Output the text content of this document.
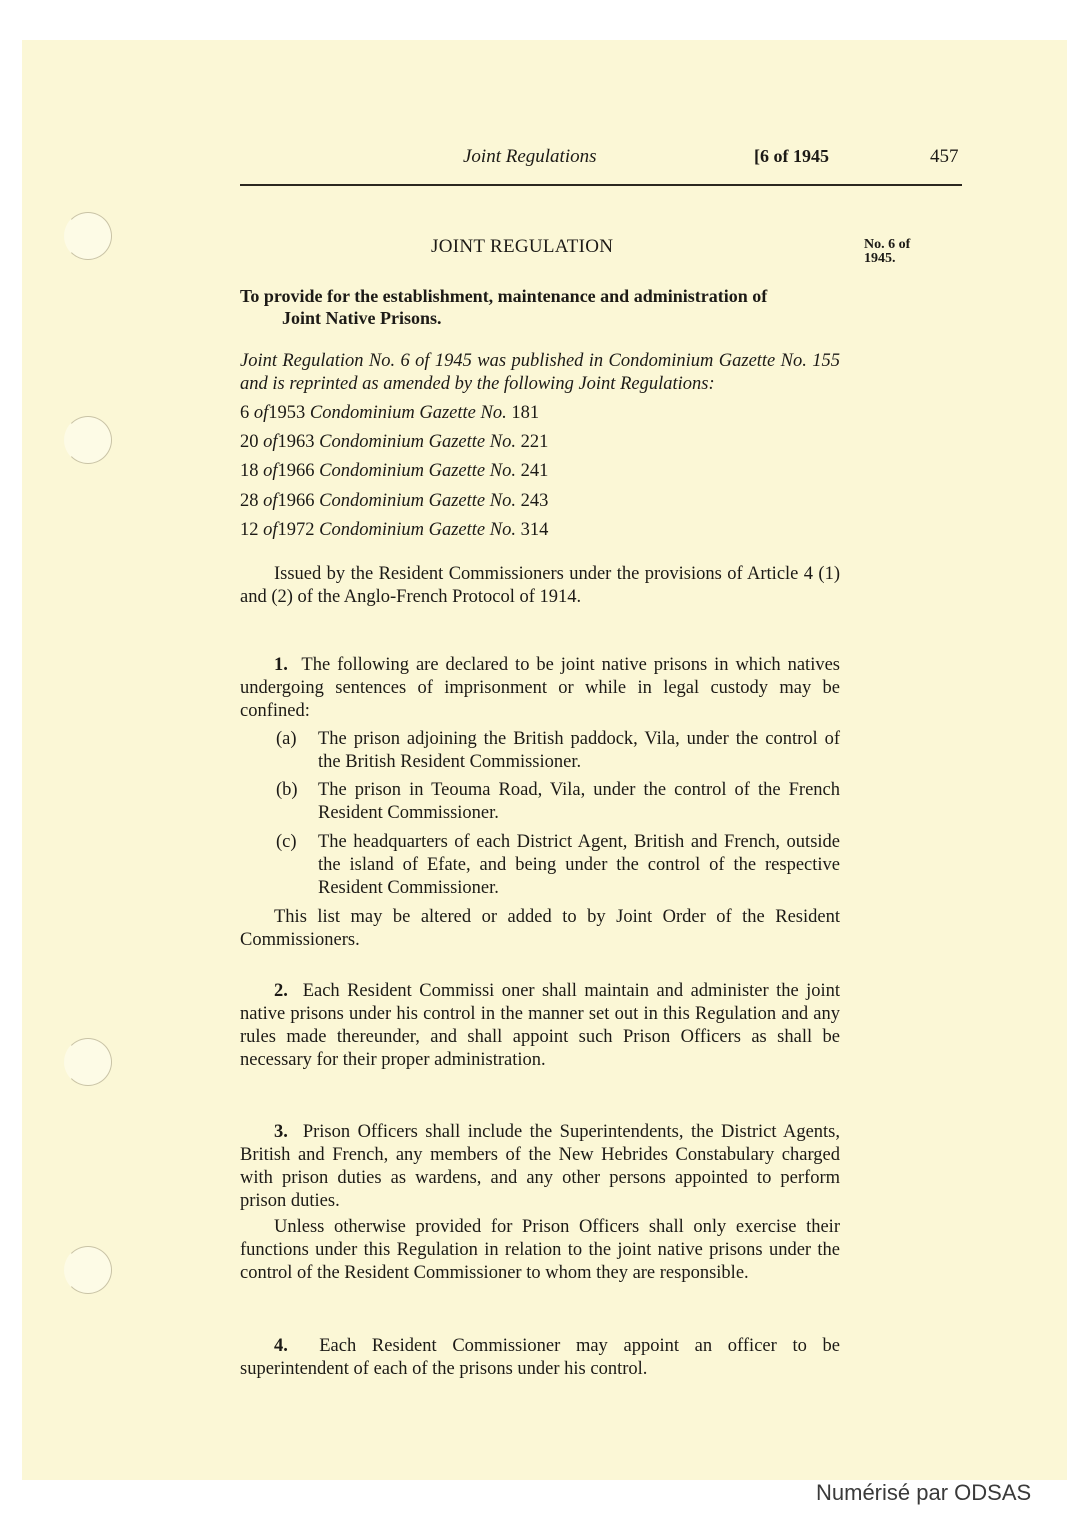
Joint Regulations	[6 of 1945	457
JOINT REGULATION	No. 6 of
1945.
To provide for the establishment, maintenance and administration of
Joint Native Prisons.
Joint Regulation No. 6 of 1945 was published in Condominium Gazette No. 155 and is reprinted as amended by the following Joint Regulations:
6 of1953 Condominium Gazette No. 181
20 of1963 Condominium Gazette No. 221
18 of1966 Condominium Gazette No. 241
28 of1966 Condominium Gazette No. 243
12 of1972 Condominium Gazette No. 314
Issued by the Resident Commissioners under the provisions of Article 4 (1) and (2) of the Anglo-French Protocol of 1914.
1. The following are declared to be joint native prisons in which natives undergoing sentences of imprisonment or while in legal custody may be confined:
(a)	The prison adjoining the British paddock, Vila, under the control of the British Resident Commissioner.
(b)	The prison in Teouma Road, Vila, under the control of the French Resident Commissioner.
(c)	The headquarters of each District Agent, British and French, outside the island of Efate, and being under the control of the respective Resident Commissioner.
This list may be altered or added to by Joint Order of the Resident Commissioners.
2. Each Resident Commissi oner shall maintain and administer the joint native prisons under his control in the manner set out in this Regulation and any rules made thereunder, and shall appoint such Prison Officers as shall be necessary for their proper administration.
3. Prison Officers shall include the Superintendents, the District Agents, British and French, any members of the New Hebrides Constabulary charged with prison duties as wardens, and any other persons appointed to perform prison duties.
Unless otherwise provided for Prison Officers shall only exercise their functions under this Regulation in relation to the joint native prisons under the control of the Resident Commissioner to whom they are responsible.
4. Each Resident Commissioner may appoint an officer to be superintendent of each of the prisons under his control.
Numérisé par ODSAS
